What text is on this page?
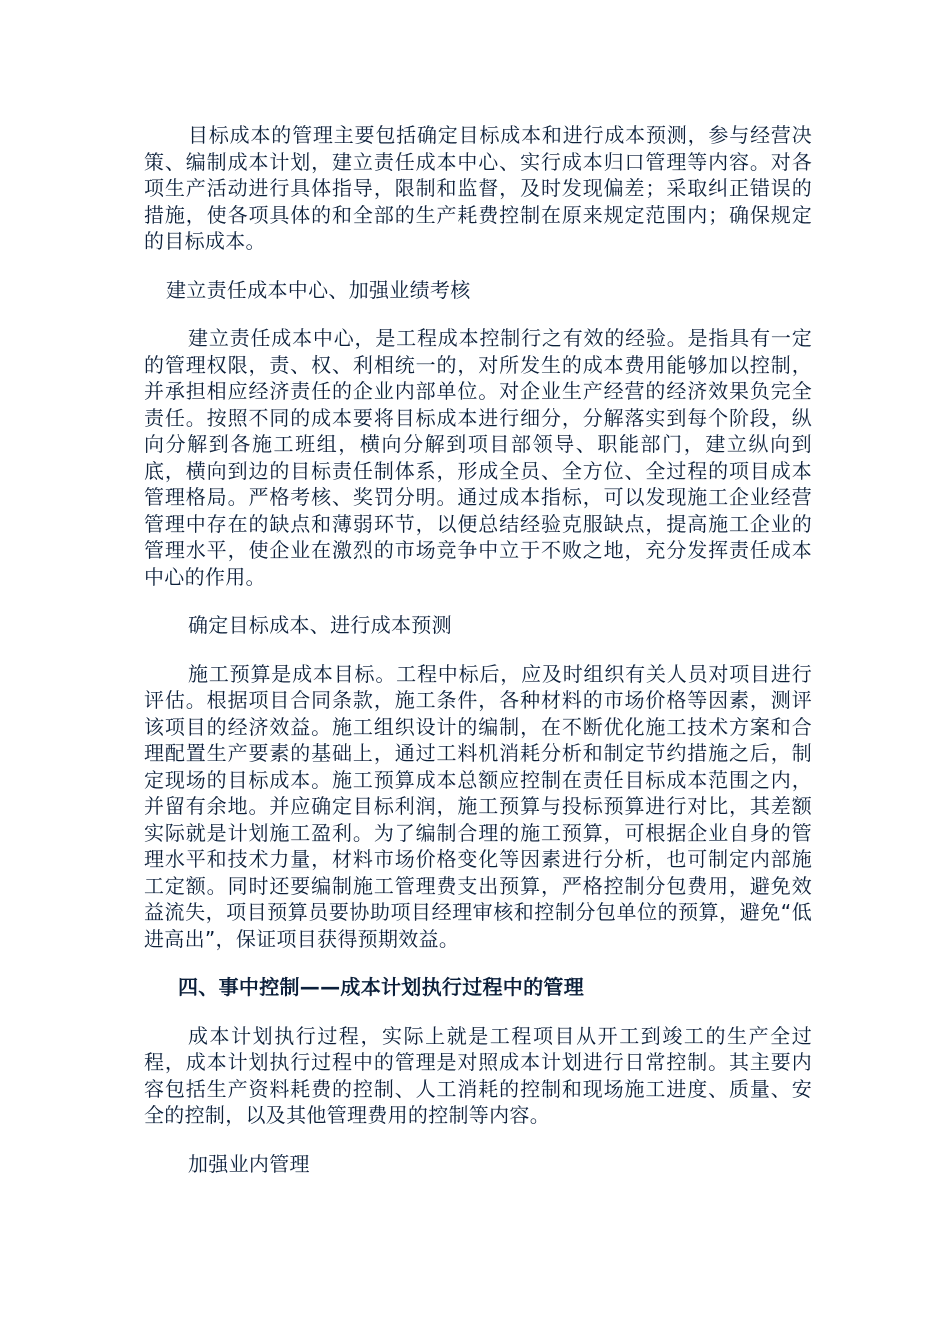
目标成本的管理主要包括确定目标成本和进行成本预测，参与经营决策、编制成本计划，建立责任成本中心、实行成本归口管理等内容。对各项生产活动进行具体指导，限制和监督，及时发现偏差；采取纠正错误的措施，使各项具体的和全部的生产耗费控制在原来规定范围内；确保规定的目标成本。

建立责任成本中心、加强业绩考核

建立责任成本中心，是工程成本控制行之有效的经验。是指具有一定的管理权限，责、权、利相统一的，对所发生的成本费用能够加以控制，并承担相应经济责任的企业内部单位。对企业生产经营的经济效果负完全责任。按照不同的成本要将目标成本进行细分，分解落实到每个阶段，纵向分解到各施工班组，横向分解到项目部领导、职能部门，建立纵向到底，横向到边的目标责任制体系，形成全员、全方位、全过程的项目成本管理格局。严格考核、奖罚分明。通过成本指标，可以发现施工企业经营管理中存在的缺点和薄弱环节，以便总结经验克服缺点，提高施工企业的管理水平，使企业在激烈的市场竞争中立于不败之地，充分发挥责任成本中心的作用。

确定目标成本、进行成本预测

施工预算是成本目标。工程中标后，应及时组织有关人员对项目进行评估。根据项目合同条款，施工条件，各种材料的市场价格等因素，测评该项目的经济效益。施工组织设计的编制，在不断优化施工技术方案和合理配置生产要素的基础上，通过工料机消耗分析和制定节约措施之后，制定现场的目标成本。施工预算成本总额应控制在责任目标成本范围之内，并留有余地。并应确定目标利润，施工预算与投标预算进行对比，其差额实际就是计划施工盈利。为了编制合理的施工预算，可根据企业自身的管理水平和技术力量，材料市场价格变化等因素进行分析，也可制定内部施工定额。同时还要编制施工管理费支出预算，严格控制分包费用，避免效益流失，项目预算员要协助项目经理审核和控制分包单位的预算，避免“低进高出”，保证项目获得预期效益。

四、事中控制——成本计划执行过程中的管理

成本计划执行过程，实际上就是工程项目从开工到竣工的生产全过程，成本计划执行过程中的管理是对照成本计划进行日常控制。其主要内容包括生产资料耗费的控制、人工消耗的控制和现场施工进度、质量、安全的控制，以及其他管理费用的控制等内容。

加强业内管理
